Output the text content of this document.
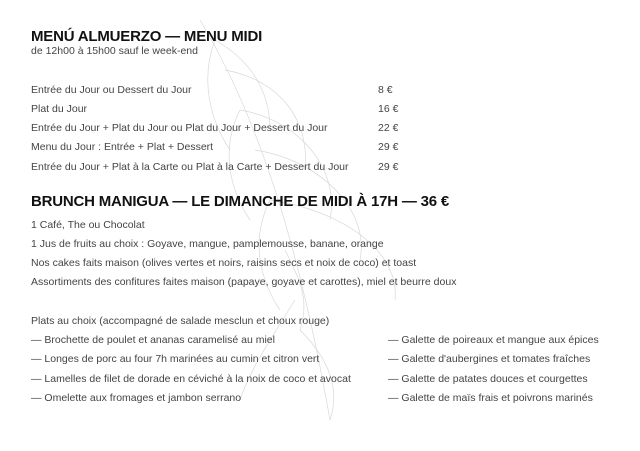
MENÚ ALMUERZO — MENU MIDI
de 12h00 à 15h00 sauf le week-end
Entrée du Jour ou Dessert du Jour	8 €
Plat du Jour	16 €
Entrée du Jour + Plat du Jour ou Plat du Jour + Dessert du Jour	22 €
Menu du Jour : Entrée + Plat + Dessert	29 €
Entrée du Jour + Plat à la Carte ou Plat à la Carte + Dessert du Jour	29 €
BRUNCH MANIGUA — LE DIMANCHE DE MIDI À 17H — 36 €
1 Café, The ou Chocolat
1 Jus de fruits au choix : Goyave, mangue, pamplemousse, banane, orange
Nos cakes faits maison (olives vertes et noirs, raisins secs et noix de coco) et toast
Assortiments des confitures faites maison (papaye, goyave et carottes), miel et beurre doux
Plats au choix (accompagné de salade mesclun et choux rouge)
— Brochette de poulet et ananas caramelisé au miel
— Longes de porc au four 7h marinées au cumin et citron vert
— Lamelles de filet de dorade en céviché à la noix de coco et avocat
— Omelette aux fromages et jambon serrano
— Galette de poireaux et mangue aux épices
— Galette d'aubergines et tomates fraîches
— Galette de patates douces et courgettes
— Galette de maïs frais et poivrons marinés
